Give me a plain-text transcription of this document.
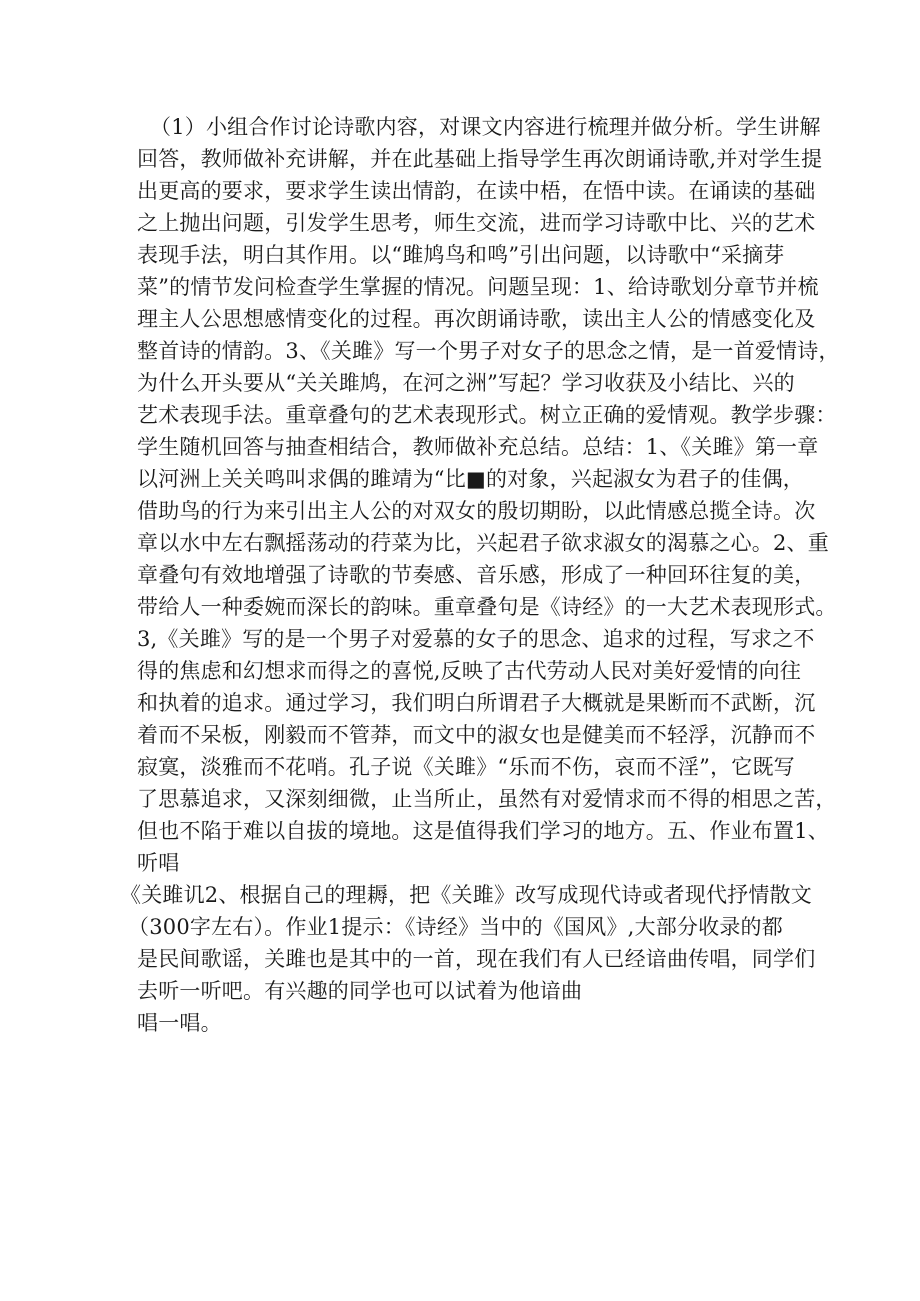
（1）小组合作讨论诗歌内容，对课文内容进行梳理并做分析。学生讲解
回答，教师做补充讲解，并在此基础上指导学生再次朗诵诗歌,并对学生提
出更高的要求，要求学生读出情韵，在读中梧，在悟中读。在诵读的基础
之上抛出问题，引发学生思考，师生交流，进而学习诗歌中比、兴的艺术
表现手法，明白其作用。以“雎鸠鸟和鸣”引出问题，以诗歌中“采摘芽
菜”的情节发问检查学生掌握的情况。问题呈现：1、给诗歌划分章节并梳
理主人公思想感情变化的过程。再次朗诵诗歌，读出主人公的情感变化及
整首诗的情韵。3、《关雎》写一个男子对女子的思念之情，是一首爱情诗，
为什么开头要从“关关雎鸠，在河之洲”写起？学习收获及小结比、兴的
艺术表现手法。重章叠句的艺术表现形式。树立正确的爱情观。教学步骤：
学生随机回答与抽查相结合，教师做补充总结。总结：1、《关雎》第一章
以河洲上关关鸣叫求偶的雎靖为“比■的对象，兴起淑女为君子的佳偶，
借助鸟的行为来引出主人公的对双女的殷切期盼，以此情感总揽全诗。次
章以水中左右飘摇荡动的荇菜为比，兴起君子欲求淑女的渴慕之心。2、重
章叠句有效地增强了诗歌的节奏感、音乐感，形成了一种回环往复的美，
带给人一种委婉而深长的韵味。重章叠句是《诗经》的一大艺术表现形式。
3,《关雎》写的是一个男子对爱慕的女子的思念、追求的过程，写求之不
得的焦虑和幻想求而得之的喜悦,反映了古代劳动人民对美好爱情的向往
和执着的追求。通过学习，我们明白所谓君子大概就是果断而不武断，沉
着而不呆板，刚毅而不管莽，而文中的淑女也是健美而不轻浮，沉静而不
寂寞，淡雅而不花哨。孔子说《关雎》“乐而不伤，哀而不淫”，它既写
了思慕追求，又深刻细微，止当所止，虽然有对爱情求而不得的相思之苦，
但也不陷于难以自拔的境地。这是值得我们学习的地方。五、作业布置1、
听唱
《关雎讥2、根据自己的理耨，把《关雎》改写成现代诗或者现代抒情散文
（300字左右）。作业1提示：《诗经》当中的《国风》,大部分收录的都
是民间歌谣，关雎也是其中的一首，现在我们有人已经谙曲传唱，同学们
去听一听吧。有兴趣的同学也可以试着为他谙曲
唱一唱。
